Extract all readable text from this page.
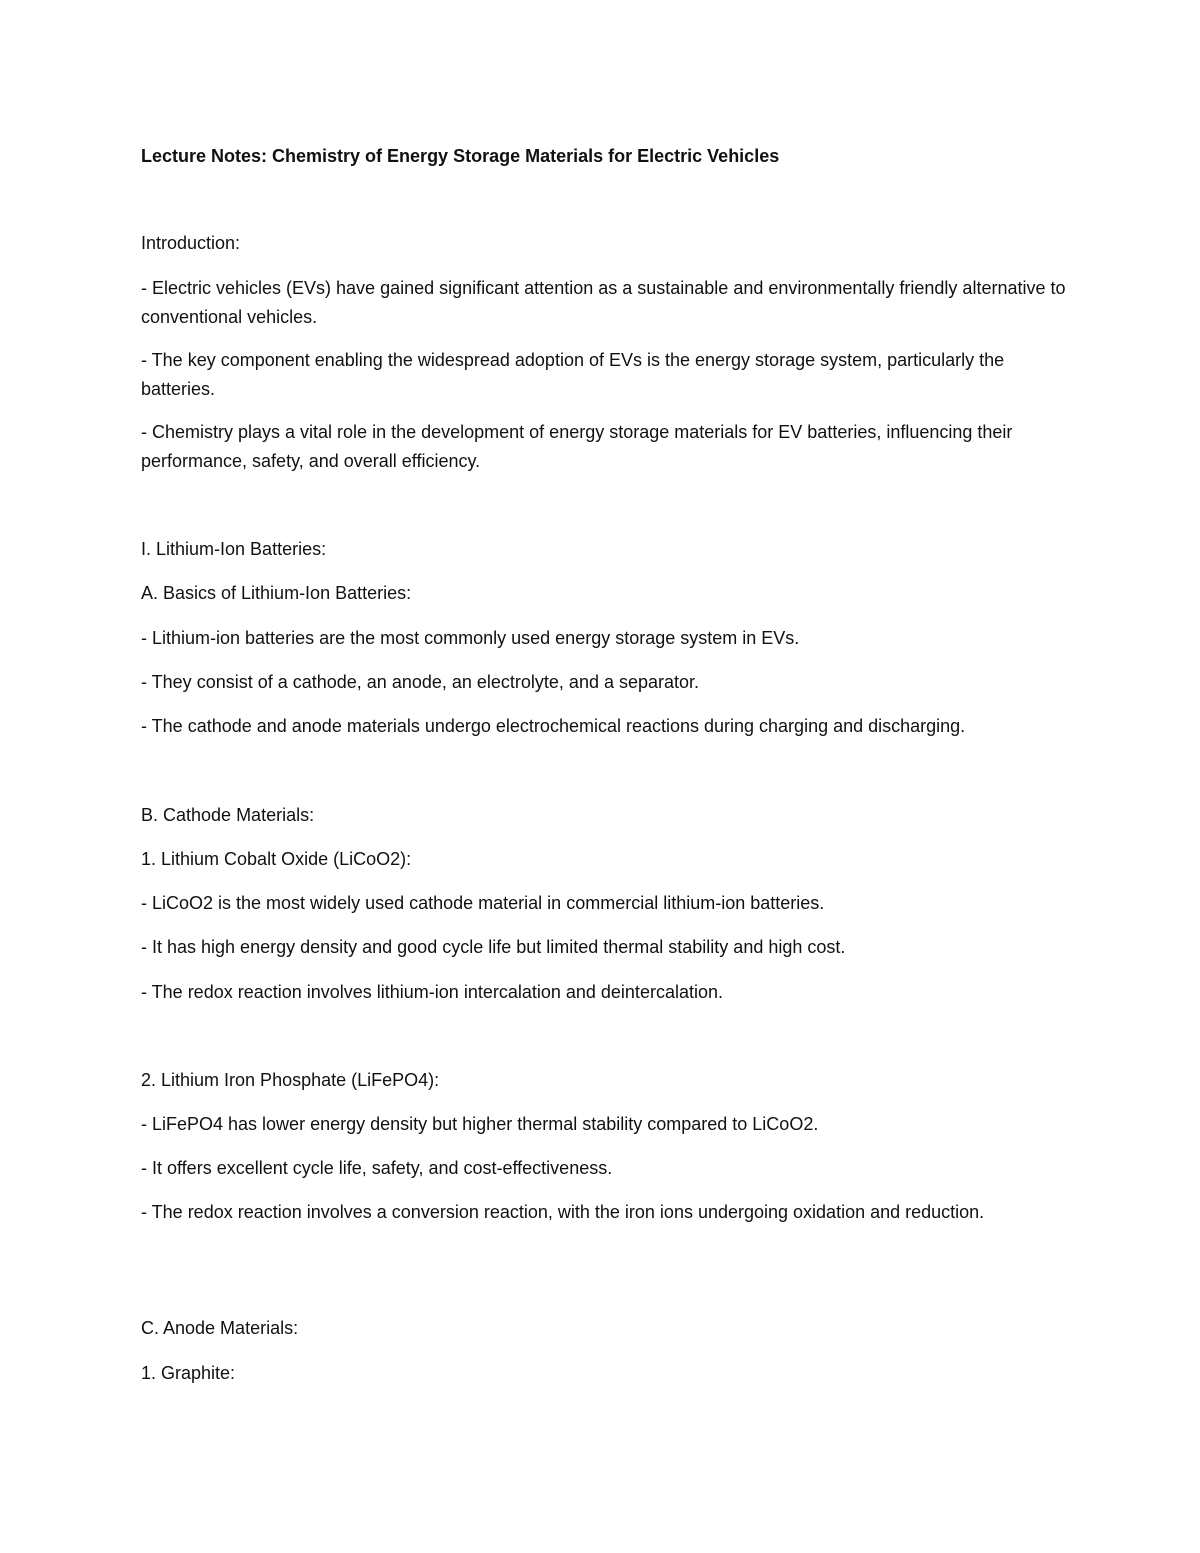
Lecture Notes: Chemistry of Energy Storage Materials for Electric Vehicles
Introduction:
- Electric vehicles (EVs) have gained significant attention as a sustainable and environmentally friendly alternative to conventional vehicles.
- The key component enabling the widespread adoption of EVs is the energy storage system, particularly the batteries.
- Chemistry plays a vital role in the development of energy storage materials for EV batteries, influencing their performance, safety, and overall efficiency.
I. Lithium-Ion Batteries:
A. Basics of Lithium-Ion Batteries:
- Lithium-ion batteries are the most commonly used energy storage system in EVs.
- They consist of a cathode, an anode, an electrolyte, and a separator.
- The cathode and anode materials undergo electrochemical reactions during charging and discharging.
B. Cathode Materials:
1. Lithium Cobalt Oxide (LiCoO2):
- LiCoO2 is the most widely used cathode material in commercial lithium-ion batteries.
- It has high energy density and good cycle life but limited thermal stability and high cost.
- The redox reaction involves lithium-ion intercalation and deintercalation.
2. Lithium Iron Phosphate (LiFePO4):
- LiFePO4 has lower energy density but higher thermal stability compared to LiCoO2.
- It offers excellent cycle life, safety, and cost-effectiveness.
- The redox reaction involves a conversion reaction, with the iron ions undergoing oxidation and reduction.
C. Anode Materials:
1. Graphite:
